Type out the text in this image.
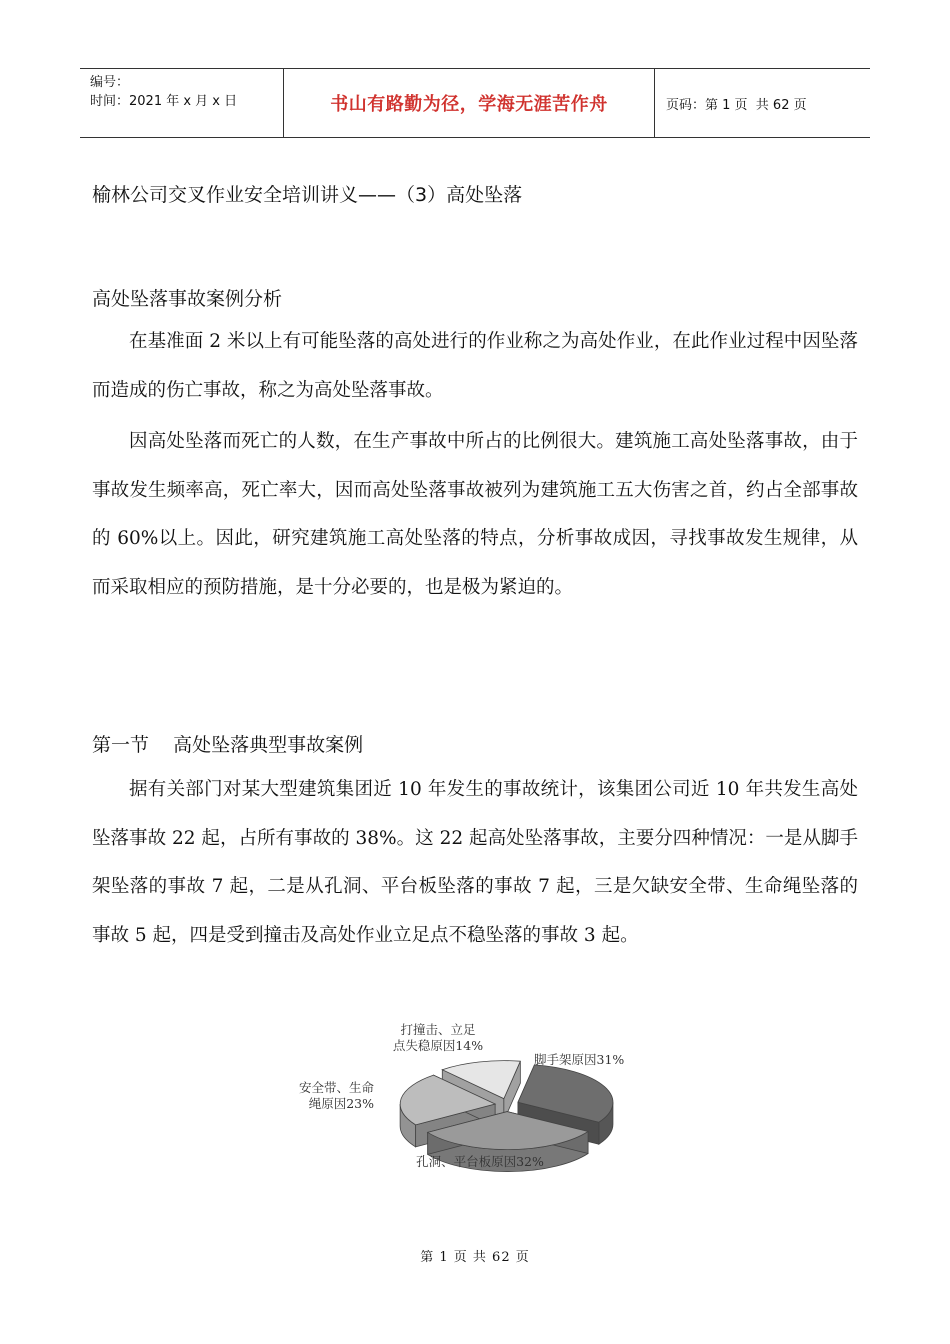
编号：
时间：2021 年 x 月 x 日	书山有路勤为径，学海无涯苦作舟	页码：第 1 页  共 62 页
榆林公司交叉作业安全培训讲义——（3）高处坠落
高处坠落事故案例分析
在基准面 2 米以上有可能坠落的高处进行的作业称之为高处作业，在此作业过程中因坠落而造成的伤亡事故，称之为高处坠落事故。
因高处坠落而死亡的人数，在生产事故中所占的比例很大。建筑施工高处坠落事故，由于事故发生频率高，死亡率大，因而高处坠落事故被列为建筑施工五大伤害之首，约占全部事故的 60%以上。因此，研究建筑施工高处坠落的特点，分析事故成因，寻找事故发生规律，从而采取相应的预防措施，是十分必要的，也是极为紧迫的。
第一节    高处坠落典型事故案例
据有关部门对某大型建筑集团近 10 年发生的事故统计，该集团公司近 10 年共发生高处坠落事故 22 起，占所有事故的 38%。这 22 起高处坠落事故，主要分四种情况：一是从脚手架坠落的事故 7 起，二是从孔洞、平台板坠落的事故 7 起，三是欠缺安全带、生命绳坠落的事故 5 起，四是受到撞击及高处作业立足点不稳坠落的事故 3 起。
脚手架原因31%
孔洞、平台板原因32%
安全带、生命
绳原因23%
打撞击、立足
点失稳原因14%
第 1 页 共 62 页
